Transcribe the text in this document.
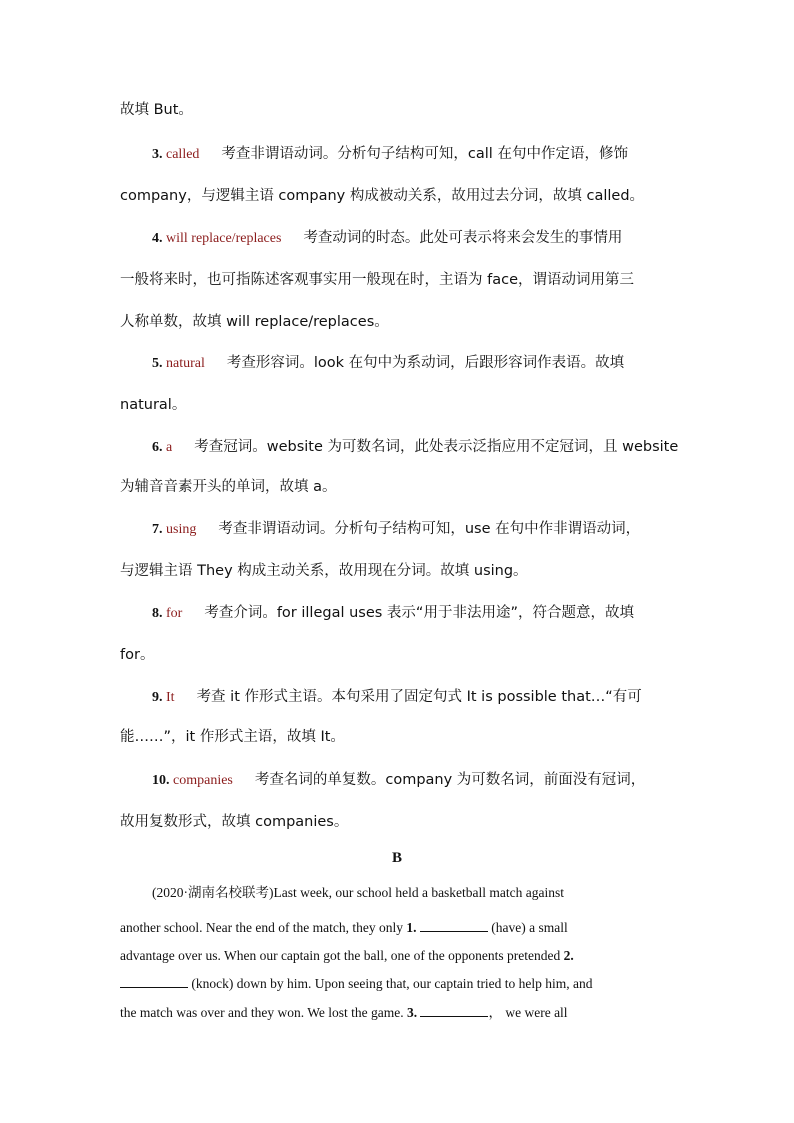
故填 But。
3. called 考查非谓语动词。分析句子结构可知，call 在句中作定语，修饰
company，与逻辑主语 company 构成被动关系，故用过去分词，故填 called。
4. will replace/replaces 考查动词的时态。此处可表示将来会发生的事情用
一般将来时，也可指陈述客观事实用一般现在时，主语为 face，谓语动词用第三
人称单数，故填 will replace/replaces。
5. natural 考查形容词。look 在句中为系动词，后跟形容词作表语。故填
natural。
6. a 考查冠词。website 为可数名词，此处表示泛指应用不定冠词，且 website
为辅音音素开头的单词，故填 a。
7. using 考查非谓语动词。分析句子结构可知，use 在句中作非谓语动词，
与逻辑主语 They 构成主动关系，故用现在分词。故填 using。
8. for 考查介词。for illegal uses 表示“用于非法用途”，符合题意，故填
for。
9. It 考查 it 作形式主语。本句采用了固定句式 It is possible that…“有可
能……”，it 作形式主语，故填 It。
10. companies 考查名词的单复数。company 为可数名词，前面没有冠词，
故用复数形式，故填 companies。
B
(2020·湖南名校联考)Last week, our school held a basketball match against
another school. Near the end of the match, they only 1.	(have) a small
advantage over us. When our captain got the ball, one of the opponents pretended 2.
(knock) down by him. Upon seeing that, our captain tried to help him, and
the match was over and they won. We lost the game. 3.	， we were all
